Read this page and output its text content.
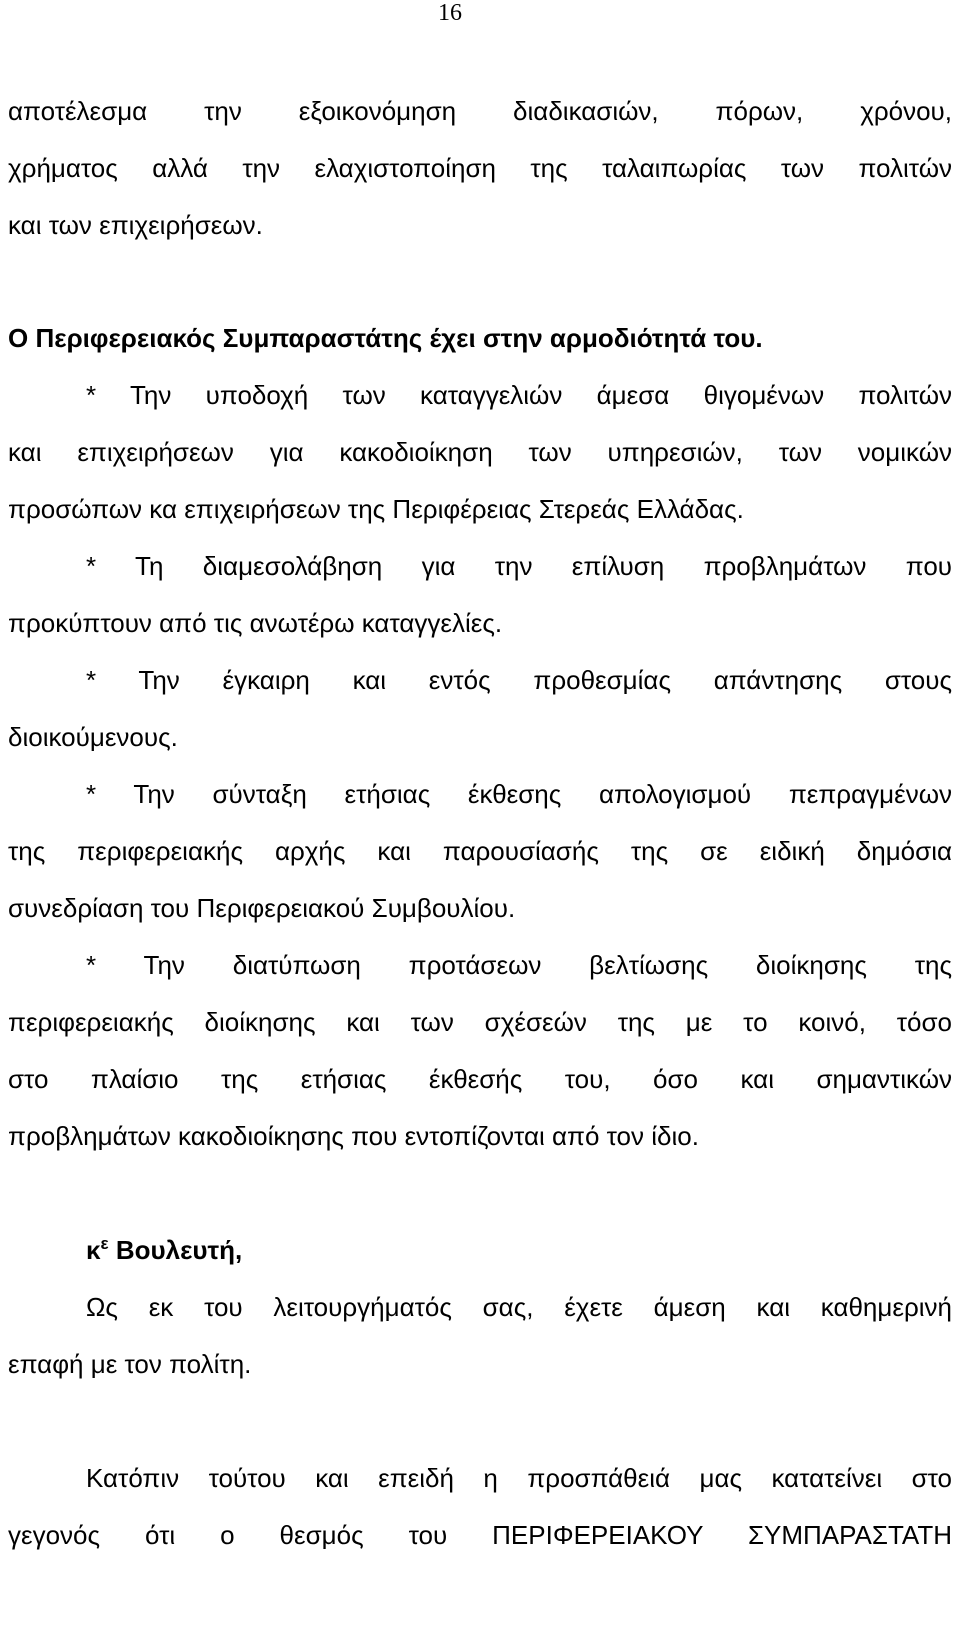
16
αποτέλεσμα την εξοικονόμηση διαδικασιών, πόρων, χρόνου,
χρήματος αλλά την ελαχιστοποίηση της ταλαιπωρίας των πολιτών
και των επιχειρήσεων.
Ο Περιφερειακός Συμπαραστάτης έχει στην αρμοδιότητά του.
* Την υποδοχή των καταγγελιών άμεσα θιγομένων πολιτών
και επιχειρήσεων για κακοδιοίκηση των υπηρεσιών, των νομικών
προσώπων κα επιχειρήσεων της Περιφέρειας Στερεάς Ελλάδας.
* Τη διαμεσολάβηση για την επίλυση προβλημάτων που
προκύπτουν από τις ανωτέρω καταγγελίες.
* Την έγκαιρη και εντός προθεσμίας απάντησης στους
διοικούμενους.
* Την σύνταξη ετήσιας έκθεσης απολογισμού πεπραγμένων
της περιφερειακής αρχής και παρουσίασής της σε ειδική δημόσια
συνεδρίαση του Περιφερειακού Συμβουλίου.
* Την διατύπωση προτάσεων βελτίωσης διοίκησης της
περιφερειακής διοίκησης και των σχέσεών της με το κοινό, τόσο
στο πλαίσιο της ετήσιας έκθεσής του, όσο και σημαντικών
προβλημάτων κακοδιοίκησης που εντοπίζονται από τον ίδιο.
$\kappa^\varepsilon$ Βουλευτή,
Ως εκ του λειτουργήματός σας, έχετε άμεση και καθημερινή
επαφή με τον πολίτη.
Κατόπιν τούτου και επειδή η προσπάθειά μας κατατείνει στο
γεγονός ότι ο θεσμός του ΠΕΡΙΦΕΡΕΙΑΚΟΥ ΣΥΜΠΑΡΑΣΤΑΤΗ
